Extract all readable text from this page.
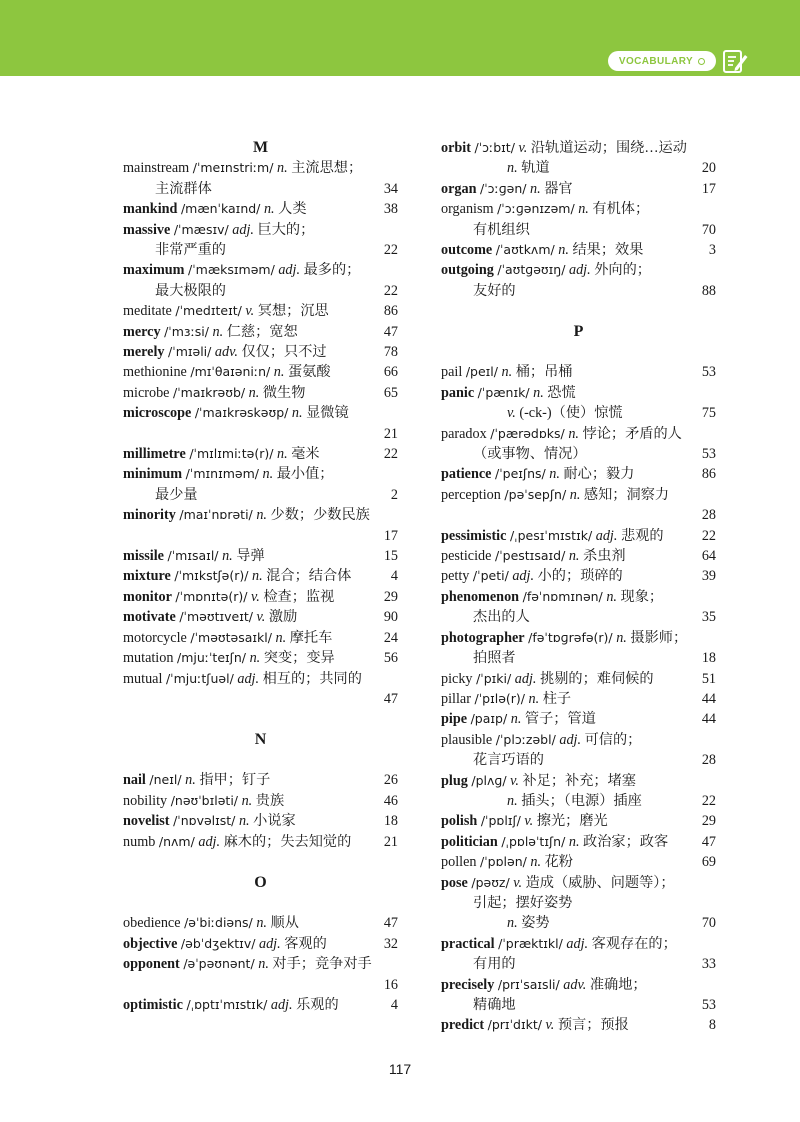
VOCABULARY
M
mainstream /ˈmeɪnstriːm/ n. 主流思想；
主流群体	34
mankind /mænˈkaɪnd/ n. 人类	38
massive /ˈmæsɪv/ adj. 巨大的；
非常严重的	22
maximum /ˈmæksɪməm/ adj. 最多的；
最大极限的	22
meditate /ˈmedɪteɪt/ v. 冥想；沉思	86
mercy /ˈmɜːsi/ n. 仁慈；宽恕	47
merely /ˈmɪəli/ adv. 仅仅；只不过	78
methionine /mɪˈθaɪəniːn/ n. 蛋氨酸	66
microbe /ˈmaɪkrəʊb/ n. 微生物	65
microscope /ˈmaɪkrəskəʊp/ n. 显微镜
21
millimetre /ˈmɪlɪmiːtə(r)/ n. 毫米	22
minimum /ˈmɪnɪməm/ n. 最小值；
最少量	2
minority /maɪˈnɒrəti/ n. 少数；少数民族
17
missile /ˈmɪsaɪl/ n. 导弹	15
mixture /ˈmɪkstʃə(r)/ n. 混合；结合体	4
monitor /ˈmɒnɪtə(r)/ v. 检查；监视	29
motivate /ˈməʊtɪveɪt/ v. 激励	90
motorcycle /ˈməʊtəsaɪkl/ n. 摩托车	24
mutation /mjuːˈteɪʃn/ n. 突变；变异	56
mutual /ˈmjuːtʃuəl/ adj. 相互的；共同的
47
N
nail /neɪl/ n. 指甲；钉子	26
nobility /nəʊˈbɪləti/ n. 贵族	46
novelist /ˈnɒvəlɪst/ n. 小说家	18
numb /nʌm/ adj. 麻木的；失去知觉的 21
O
obedience /əˈbiːdiəns/ n. 顺从	47
objective /əbˈdʒektɪv/ adj. 客观的	32
opponent /əˈpəʊnənt/ n. 对手；竞争对手
16
optimistic /ˌɒptɪˈmɪstɪk/ adj. 乐观的	4
orbit /ˈɔːbɪt/ v. 沿轨道运动；围绕…运动
n. 轨道	20
organ /ˈɔːɡən/ n. 器官	17
organism /ˈɔːɡənɪzəm/ n. 有机体；
有机组织	70
outcome /ˈaʊtkʌm/ n. 结果；效果	3
outgoing /ˈaʊtɡəʊɪŋ/ adj. 外向的；
友好的	88
P
pail /peɪl/ n. 桶；吊桶	53
panic /ˈpænɪk/ n. 恐慌
v. (-ck-)（使）惊慌	75
paradox /ˈpærədɒks/ n. 悖论；矛盾的人
（或事物、情况）	53
patience /ˈpeɪʃns/ n. 耐心；毅力	86
perception /pəˈsepʃn/ n. 感知；洞察力
28
pessimistic /ˌpesɪˈmɪstɪk/ adj. 悲观的	22
pesticide /ˈpestɪsaɪd/ n. 杀虫剂	64
petty /ˈpeti/ adj. 小的；琐碎的	39
phenomenon /fəˈnɒmɪnən/ n. 现象；
杰出的人	35
photographer /fəˈtɒɡrəfə(r)/ n. 摄影师；
拍照者	18
picky /ˈpɪki/ adj. 挑剔的；难伺候的	51
pillar /ˈpɪlə(r)/ n. 柱子	44
pipe /paɪp/ n. 管子；管道	44
plausible /ˈplɔːzəbl/ adj. 可信的；
花言巧语的	28
plug /plʌɡ/ v. 补足；补充；堵塞
n. 插头；（电源）插座	22
polish /ˈpɒlɪʃ/ v. 擦光；磨光	29
politician /ˌpɒləˈtɪʃn/ n. 政治家；政客 47
pollen /ˈpɒlən/ n. 花粉	69
pose /pəʊz/ v. 造成（威胁、问题等）；
引起；摆好姿势
n. 姿势	70
practical /ˈpræktɪkl/ adj. 客观存在的；
有用的	33
precisely /prɪˈsaɪsli/ adv. 准确地；
精确地	53
predict /prɪˈdɪkt/ v. 预言；预报	8
117
